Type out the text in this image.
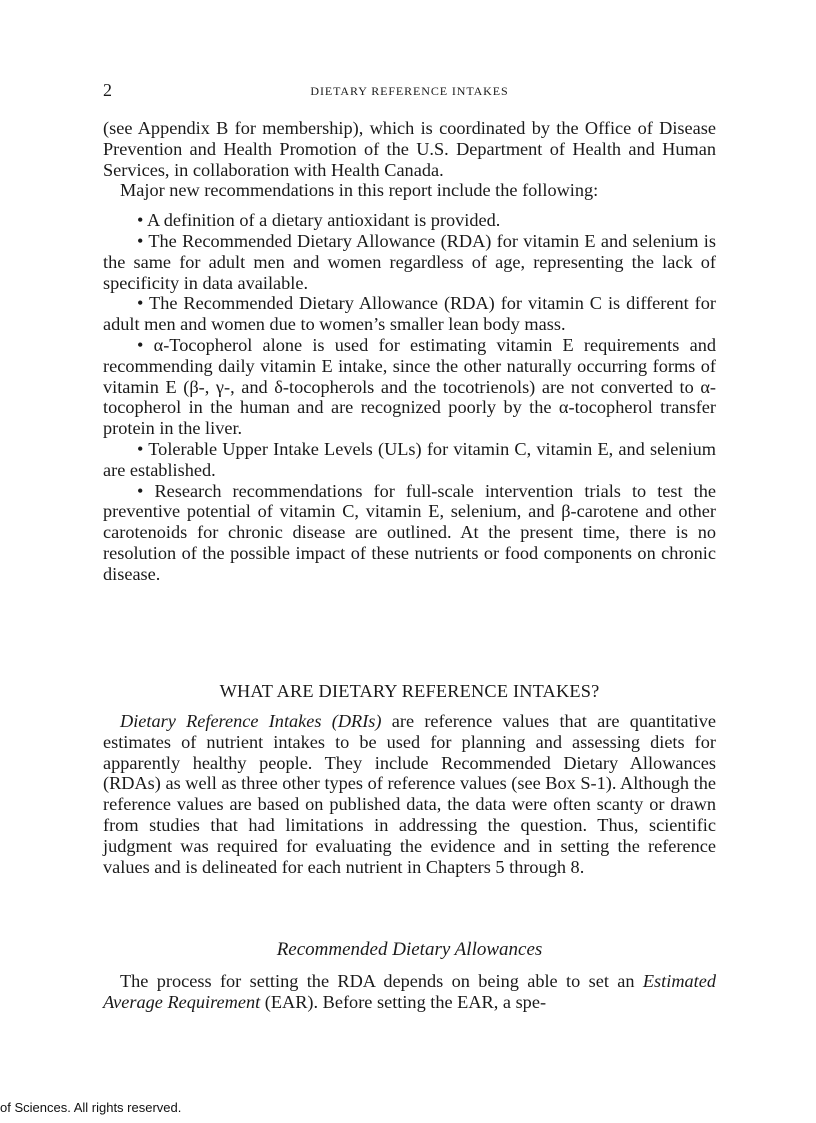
2	DIETARY REFERENCE INTAKES

(see Appendix B for membership), which is coordinated by the Office of Disease Prevention and Health Promotion of the U.S. Department of Health and Human Services, in collaboration with Health Canada.

Major new recommendations in this report include the following:

• A definition of a dietary antioxidant is provided.

• The Recommended Dietary Allowance (RDA) for vitamin E and selenium is the same for adult men and women regardless of age, representing the lack of specificity in data available.

• The Recommended Dietary Allowance (RDA) for vitamin C is different for adult men and women due to women’s smaller lean body mass.

• α-Tocopherol alone is used for estimating vitamin E requirements and recommending daily vitamin E intake, since the other naturally occurring forms of vitamin E (β-, γ-, and δ-tocopherols and the tocotrienols) are not converted to α-tocopherol in the human and are recognized poorly by the α-tocopherol transfer protein in the liver.

• Tolerable Upper Intake Levels (ULs) for vitamin C, vitamin E, and selenium are established.

• Research recommendations for full-scale intervention trials to test the preventive potential of vitamin C, vitamin E, selenium, and β-carotene and other carotenoids for chronic disease are outlined. At the present time, there is no resolution of the possible impact of these nutrients or food components on chronic disease.

WHAT ARE DIETARY REFERENCE INTAKES?

Dietary Reference Intakes (DRIs) are reference values that are quantitative estimates of nutrient intakes to be used for planning and assessing diets for apparently healthy people. They include Recommended Dietary Allowances (RDAs) as well as three other types of reference values (see Box S-1). Although the reference values are based on published data, the data were often scanty or drawn from studies that had limitations in addressing the question. Thus, scientific judgment was required for evaluating the evidence and in setting the reference values and is delineated for each nutrient in Chapters 5 through 8.

Recommended Dietary Allowances

The process for setting the RDA depends on being able to set an Estimated Average Requirement (EAR). Before setting the EAR, a spe-

of Sciences. All rights reserved.
